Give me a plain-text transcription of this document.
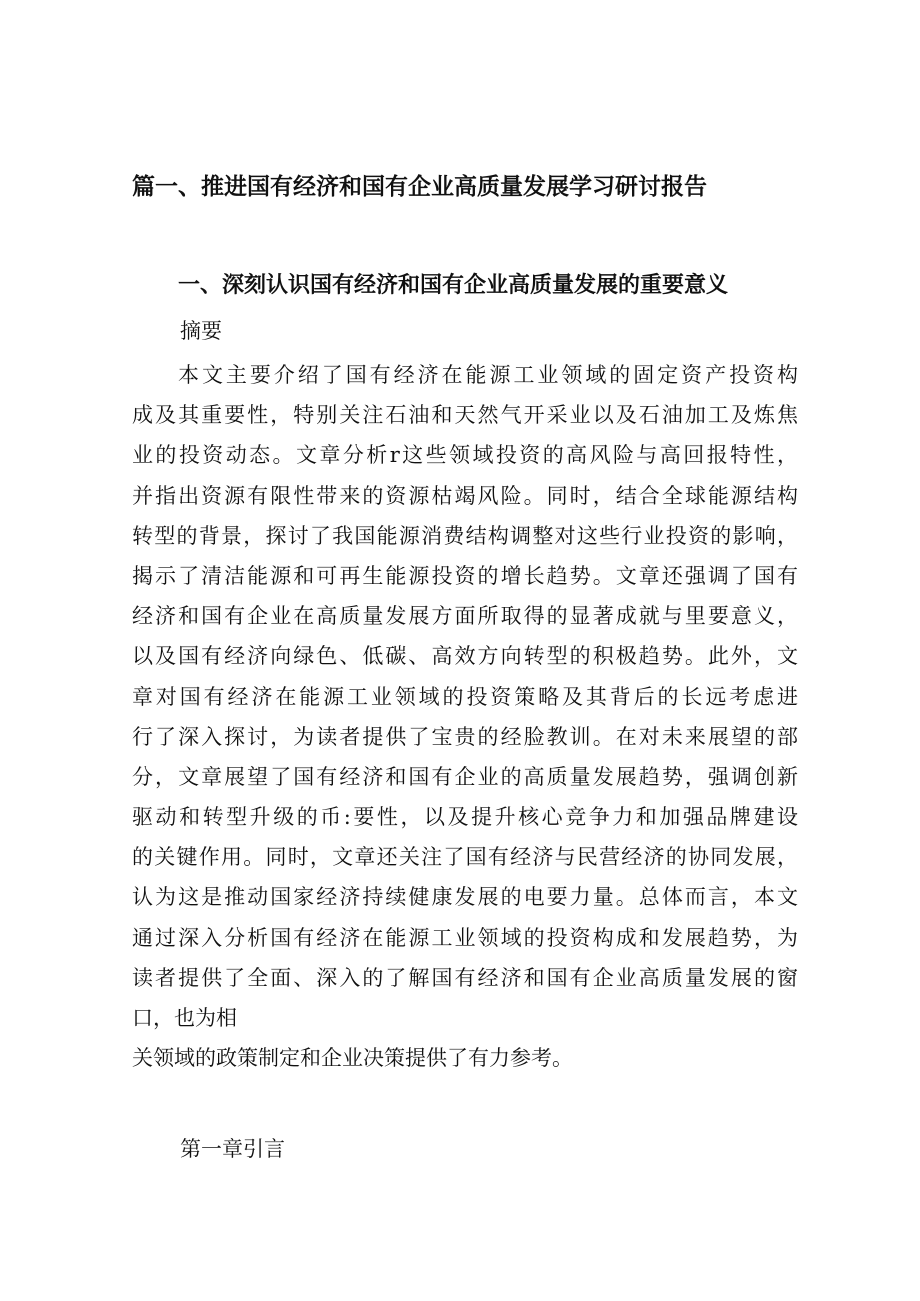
篇一、推进国有经济和国有企业高质量发展学习研讨报告
一、深刻认识国有经济和国有企业高质量发展的重要意义

摘要

本文主要介绍了国有经济在能源工业领域的固定资产投资构
成及其重要性，特别关注石油和天然气开采业以及石油加工及炼焦
业的投资动态。文章分析r这些领域投资的高风险与高回报特性，
并指出资源有限性带来的资源枯竭风险。同时，结合全球能源结构
转型的背景，探讨了我国能源消费结构调整对这些行业投资的影响，
揭示了清洁能源和可再生能源投资的增长趋势。文章还强调了国有
经济和国有企业在高质量发展方面所取得的显著成就与里要意义，
以及国有经济向绿色、低碳、高效方向转型的积极趋势。此外，文
章对国有经济在能源工业领域的投资策略及其背后的长远考虑进
行了深入探讨，为读者提供了宝贵的经脸教训。在对未来展望的部
分，文章展望了国有经济和国有企业的高质量发展趋势，强调创新
驱动和转型升级的币:要性，以及提升核心竞争力和加强品牌建设
的关键作用。同时，文章还关注了国有经济与民营经济的协同发展，
认为这是推动国家经济持续健康发展的电要力量。总体而言，本文
通过深入分析国有经济在能源工业领域的投资构成和发展趋势，为
读者提供了全面、深入的了解国有经济和国有企业高质量发展的窗
口，也为相
关领域的政策制定和企业决策提供了有力参考。

第一章引言
